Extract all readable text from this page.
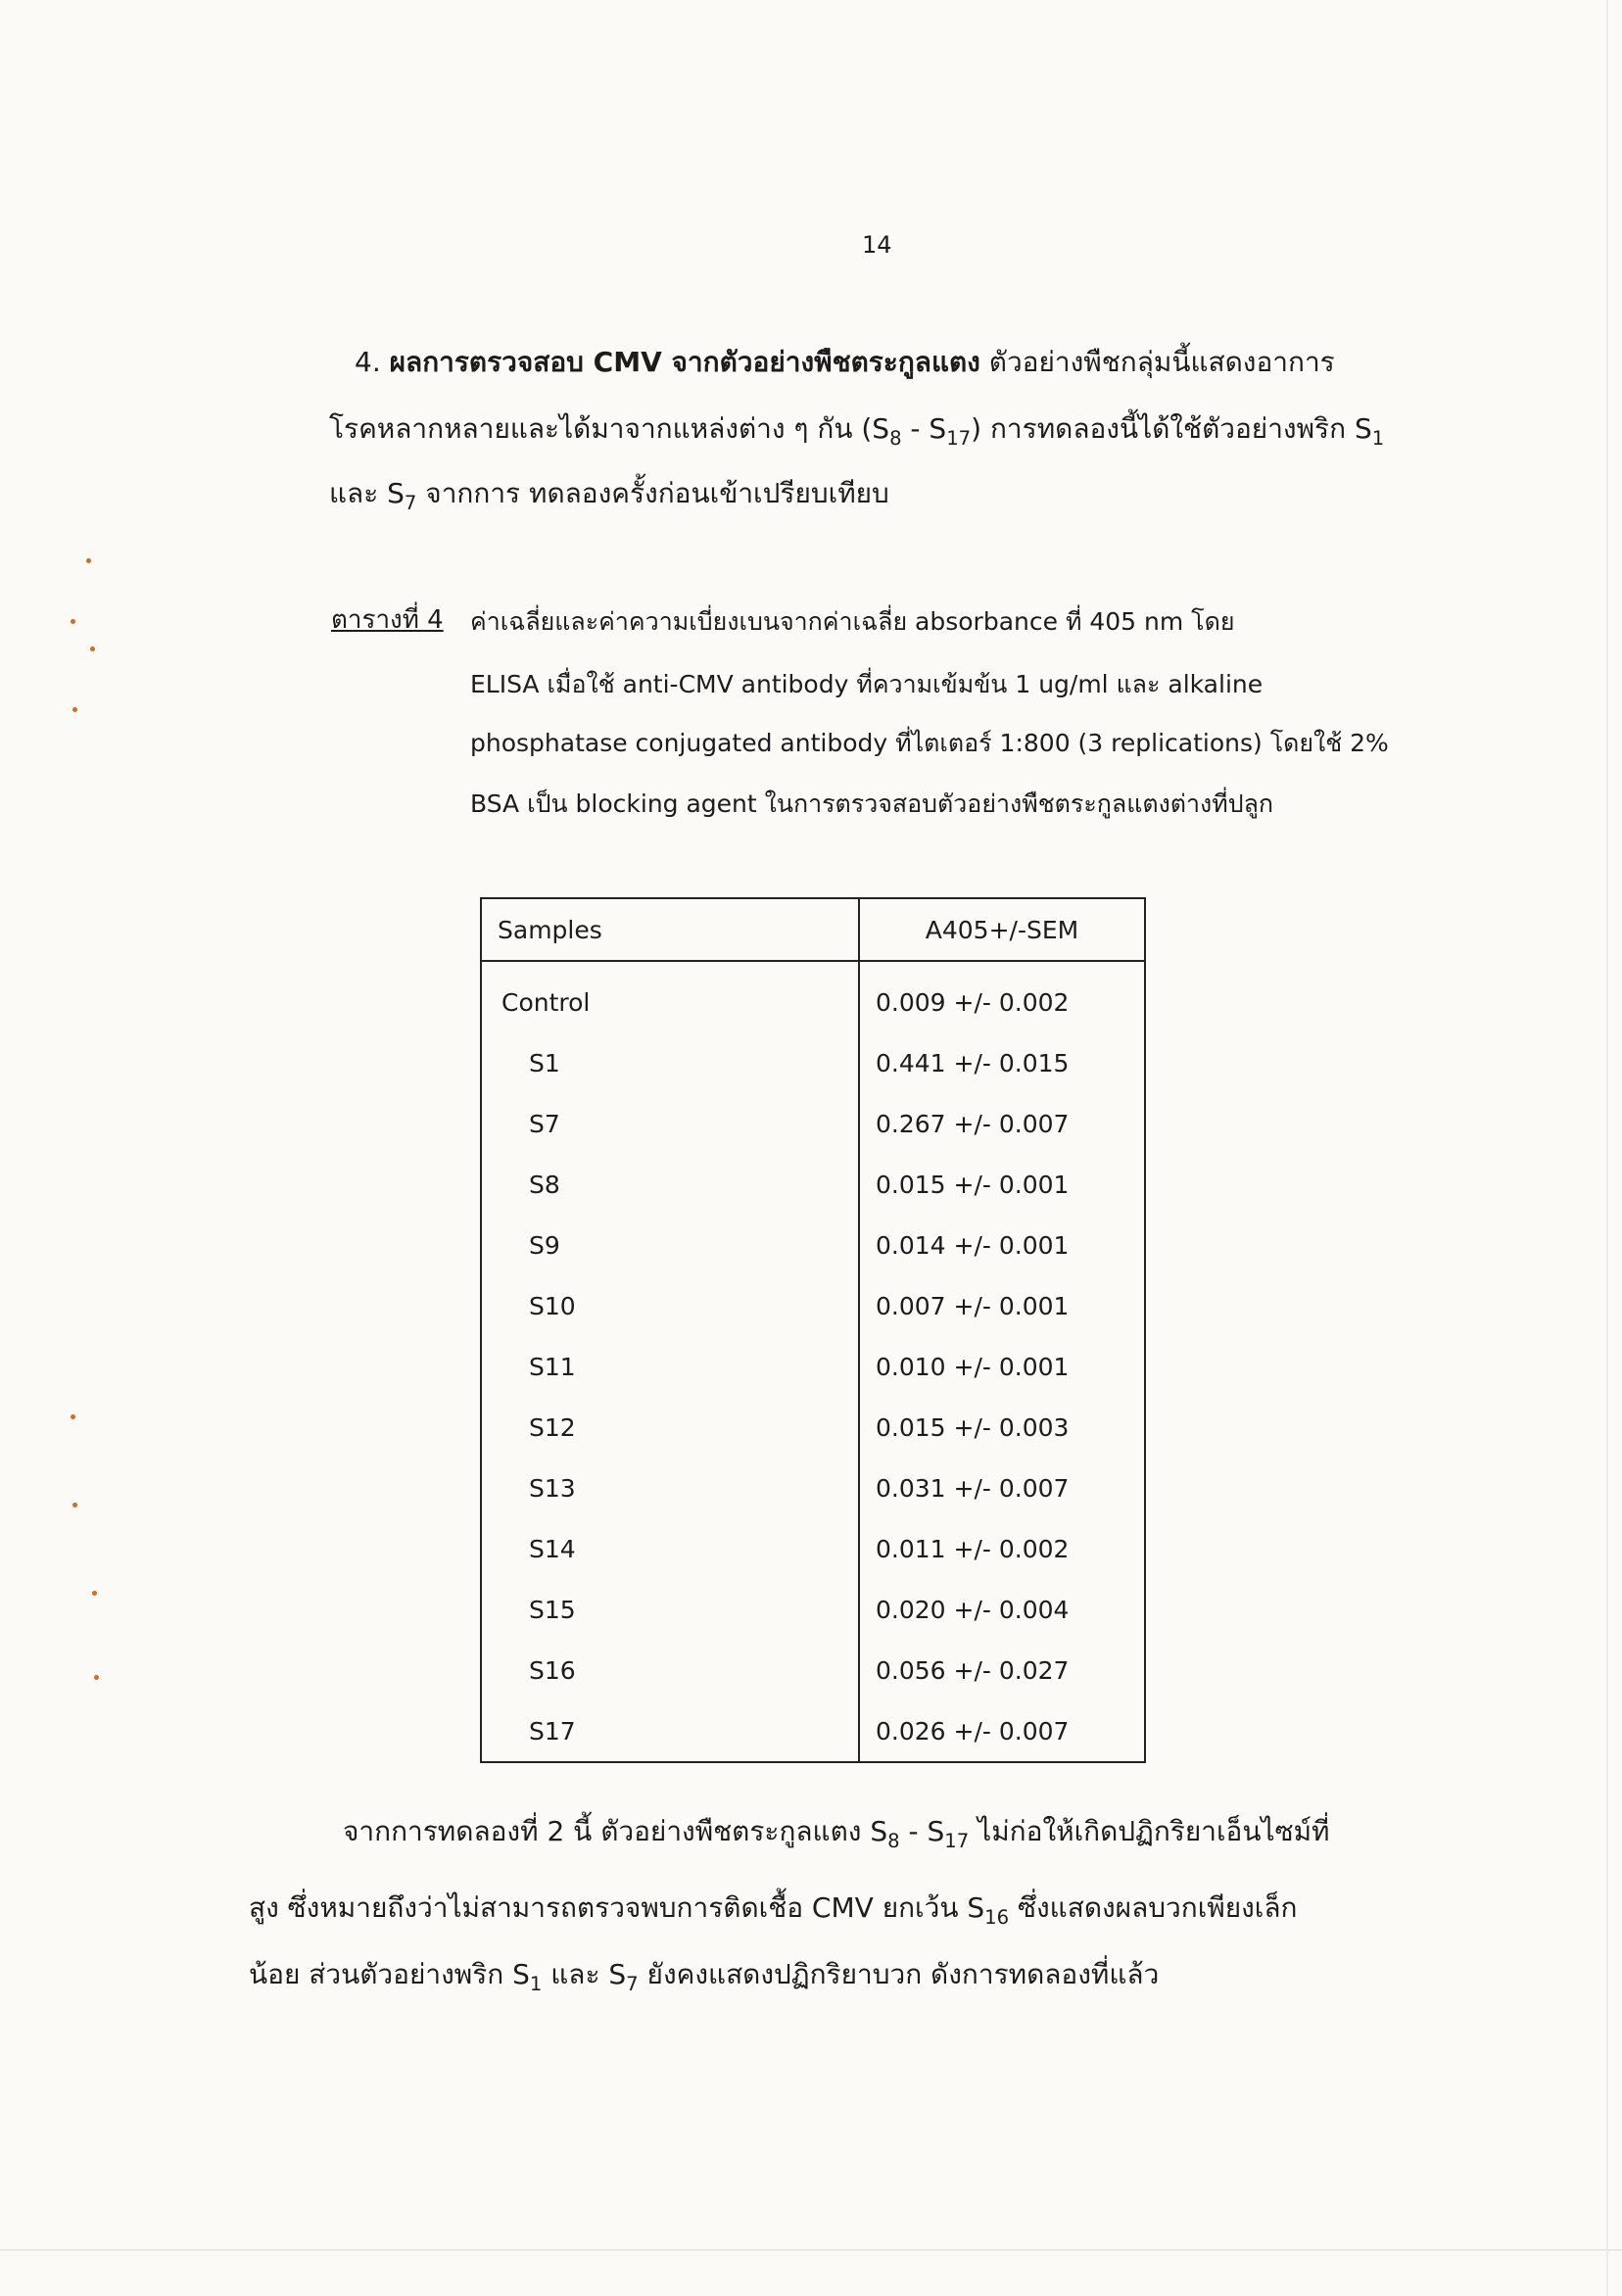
14
4. ผลการตรวจสอบ CMV จากตัวอย่างพืชตระกูลแตง ตัวอย่างพืชกลุ่มนี้แสดงอาการ
โรคหลากหลายและได้มาจากแหล่งต่าง ๆ กัน $(S_8 - S_{17})$ การทดลองนี้ได้ใช้ตัวอย่างพริก $S_1$
และ $S_7$ จากการ ทดลองครั้งก่อนเข้าเปรียบเทียบ
ตารางที่ 4 ค่าเฉลี่ยและค่าความเบี่ยงเบนจากค่าเฉลี่ย absorbance ที่ 405 nm โดย
ELISA เมื่อใช้ anti-CMV antibody ที่ความเข้มข้น 1 ug/ml และ alkaline
phosphatase conjugated antibody ที่ไตเตอร์ 1:800 (3 replications) โดยใช้ 2%
BSA เป็น blocking agent ในการตรวจสอบตัวอย่างพืชตระกูลแตงต่างที่ปลูก
Samples	A405+/-SEM
Control	0.009 +/- 0.002
S1	0.441 +/- 0.015
S7	0.267 +/- 0.007
S8	0.015 +/- 0.001
S9	0.014 +/- 0.001
S10	0.007 +/- 0.001
S11	0.010 +/- 0.001
S12	0.015 +/- 0.003
S13	0.031 +/- 0.007
S14	0.011 +/- 0.002
S15	0.020 +/- 0.004
S16	0.056 +/- 0.027
S17	0.026 +/- 0.007
จากการทดลองที่ 2 นี้ ตัวอย่างพืชตระกูลแตง $S_8 - S_{17}$ ไม่ก่อให้เกิดปฏิกริยาเอ็นไซม์ที่
สูง ซึ่งหมายถึงว่าไม่สามารถตรวจพบการติดเชื้อ CMV ยกเว้น $S_{16}$ ซึ่งแสดงผลบวกเพียงเล็ก
น้อย ส่วนตัวอย่างพริก $S_1$ และ $S_7$ ยังคงแสดงปฏิกริยาบวก ดังการทดลองที่แล้ว
